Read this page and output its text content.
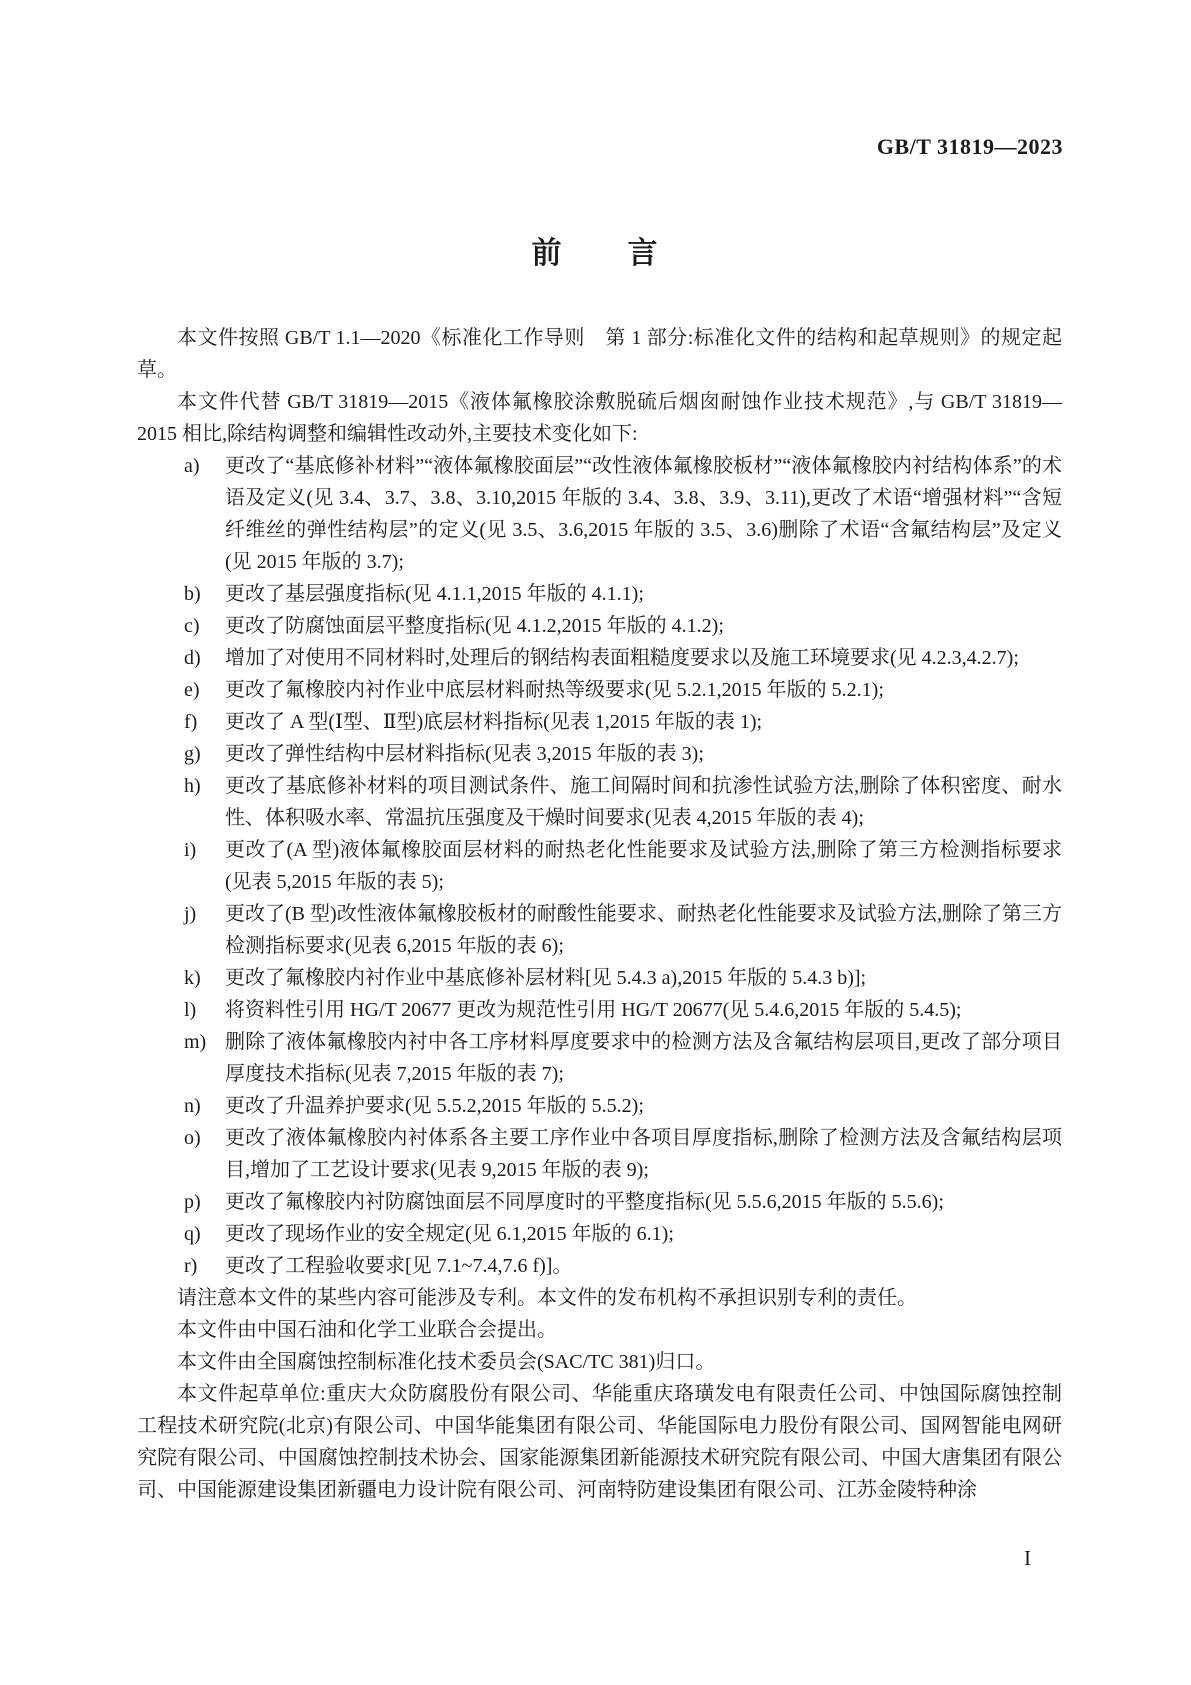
GB/T 31819—2023
前　　言

本文件按照 GB/T 1.1—2020《标准化工作导则　第 1 部分:标准化文件的结构和起草规则》的规定起草。

本文件代替 GB/T 31819—2015《液体氟橡胶涂敷脱硫后烟囱耐蚀作业技术规范》,与 GB/T 31819—2015 相比,除结构调整和编辑性改动外,主要技术变化如下:

a)	更改了“基底修补材料”“液体氟橡胶面层”“改性液体氟橡胶板材”“液体氟橡胶内衬结构体系”的术语及定义(见 3.4、3.7、3.8、3.10,2015 年版的 3.4、3.8、3.9、3.11),更改了术语“增强材料”“含短纤维丝的弹性结构层”的定义(见 3.5、3.6,2015 年版的 3.5、3.6)删除了术语“含氟结构层”及定义(见 2015 年版的 3.7);
b)	更改了基层强度指标(见 4.1.1,2015 年版的 4.1.1);
c)	更改了防腐蚀面层平整度指标(见 4.1.2,2015 年版的 4.1.2);
d)	增加了对使用不同材料时,处理后的钢结构表面粗糙度要求以及施工环境要求(见 4.2.3,4.2.7);
e)	更改了氟橡胶内衬作业中底层材料耐热等级要求(见 5.2.1,2015 年版的 5.2.1);
f)	更改了 A 型(Ⅰ型、Ⅱ型)底层材料指标(见表 1,2015 年版的表 1);
g)	更改了弹性结构中层材料指标(见表 3,2015 年版的表 3);
h)	更改了基底修补材料的项目测试条件、施工间隔时间和抗渗性试验方法,删除了体积密度、耐水性、体积吸水率、常温抗压强度及干燥时间要求(见表 4,2015 年版的表 4);
i)	更改了(A 型)液体氟橡胶面层材料的耐热老化性能要求及试验方法,删除了第三方检测指标要求(见表 5,2015 年版的表 5);
j)	更改了(B 型)改性液体氟橡胶板材的耐酸性能要求、耐热老化性能要求及试验方法,删除了第三方检测指标要求(见表 6,2015 年版的表 6);
k)	更改了氟橡胶内衬作业中基底修补层材料[见 5.4.3 a),2015 年版的 5.4.3 b)];
l)	将资料性引用 HG/T 20677 更改为规范性引用 HG/T 20677(见 5.4.6,2015 年版的 5.4.5);
m) 删除了液体氟橡胶内衬中各工序材料厚度要求中的检测方法及含氟结构层项目,更改了部分项目厚度技术指标(见表 7,2015 年版的表 7);
n)	更改了升温养护要求(见 5.5.2,2015 年版的 5.5.2);
o)	更改了液体氟橡胶内衬体系各主要工序作业中各项目厚度指标,删除了检测方法及含氟结构层项目,增加了工艺设计要求(见表 9,2015 年版的表 9);
p)	更改了氟橡胶内衬防腐蚀面层不同厚度时的平整度指标(见 5.5.6,2015 年版的 5.5.6);
q)	更改了现场作业的安全规定(见 6.1,2015 年版的 6.1);
r)	更改了工程验收要求[见 7.1~7.4,7.6 f)]。

请注意本文件的某些内容可能涉及专利。本文件的发布机构不承担识别专利的责任。

本文件由中国石油和化学工业联合会提出。

本文件由全国腐蚀控制标准化技术委员会(SAC/TC 381)归口。

本文件起草单位:重庆大众防腐股份有限公司、华能重庆珞璜发电有限责任公司、中蚀国际腐蚀控制工程技术研究院(北京)有限公司、中国华能集团有限公司、华能国际电力股份有限公司、国网智能电网研究院有限公司、中国腐蚀控制技术协会、国家能源集团新能源技术研究院有限公司、中国大唐集团有限公司、中国能源建设集团新疆电力设计院有限公司、河南特防建设集团有限公司、江苏金陵特种涂

I
